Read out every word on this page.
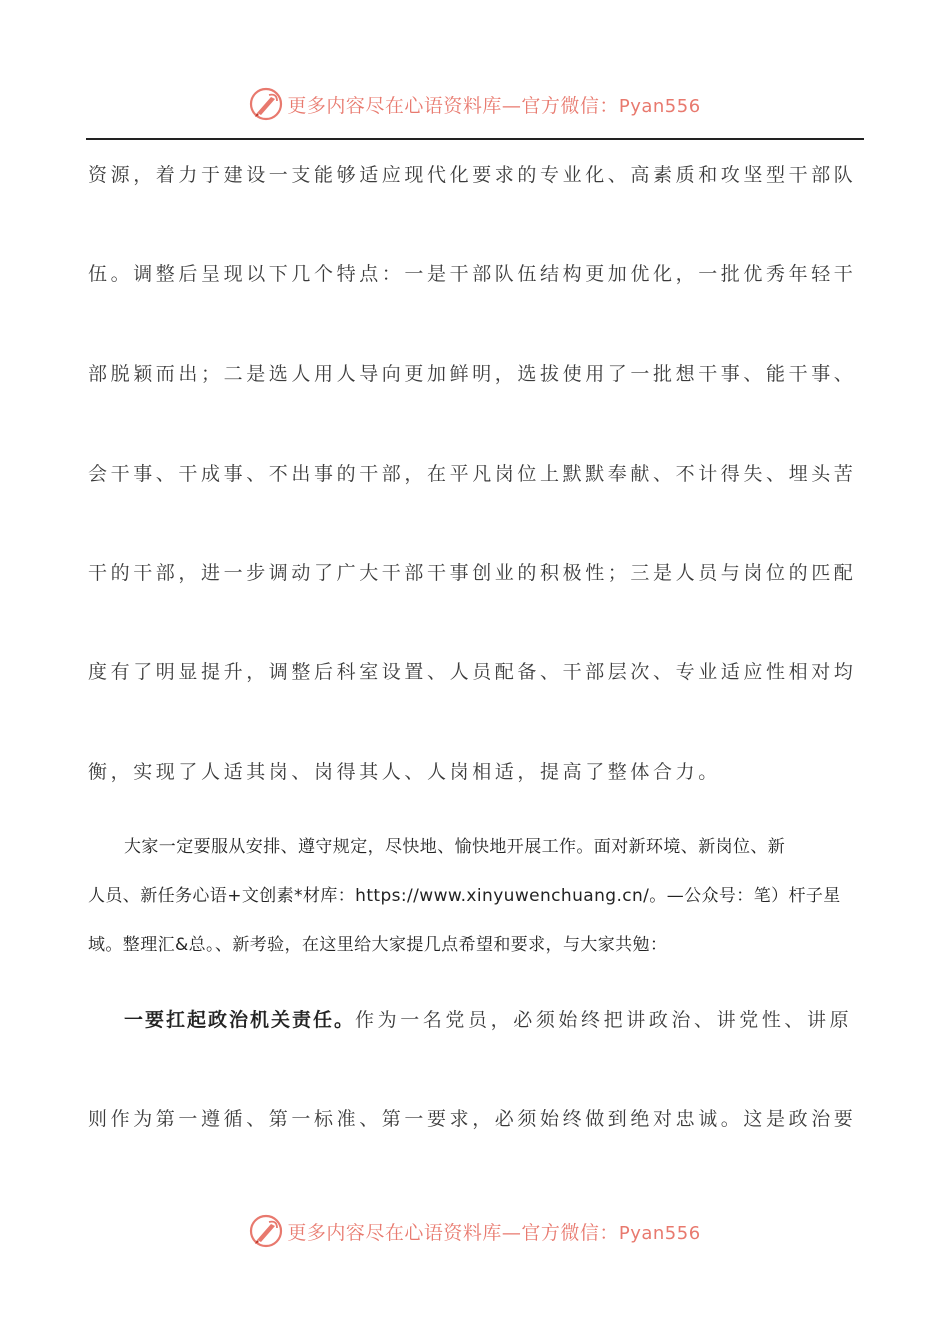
更多内容尽在心语资料库—官方微信：Pyan556
资源，着力于建设一支能够适应现代化要求的专业化、高素质和攻坚型干部队
伍。调整后呈现以下几个特点：一是干部队伍结构更加优化，一批优秀年轻干
部脱颖而出；二是选人用人导向更加鲜明，选拔使用了一批想干事、能干事、
会干事、干成事、不出事的干部，在平凡岗位上默默奉献、不计得失、埋头苦
干的干部，进一步调动了广大干部干事创业的积极性；三是人员与岗位的匹配
度有了明显提升，调整后科室设置、人员配备、干部层次、专业适应性相对均
衡，实现了人适其岗、岗得其人、人岗相适，提高了整体合力。
大家一定要服从安排、遵守规定，尽快地、愉快地开展工作。面对新环境、新岗位、新
人员、新任务心语+文创素*材库：https://www.xinyuwenchuang.cn/。—公众号：笔）杆子星
域。整理汇&总。、新考验，在这里给大家提几点希望和要求，与大家共勉：
一要扛起政治机关责任。作为一名党员，必须始终把讲政治、讲党性、讲原
则作为第一遵循、第一标准、第一要求，必须始终做到绝对忠诚。这是政治要
更多内容尽在心语资料库—官方微信：Pyan556
